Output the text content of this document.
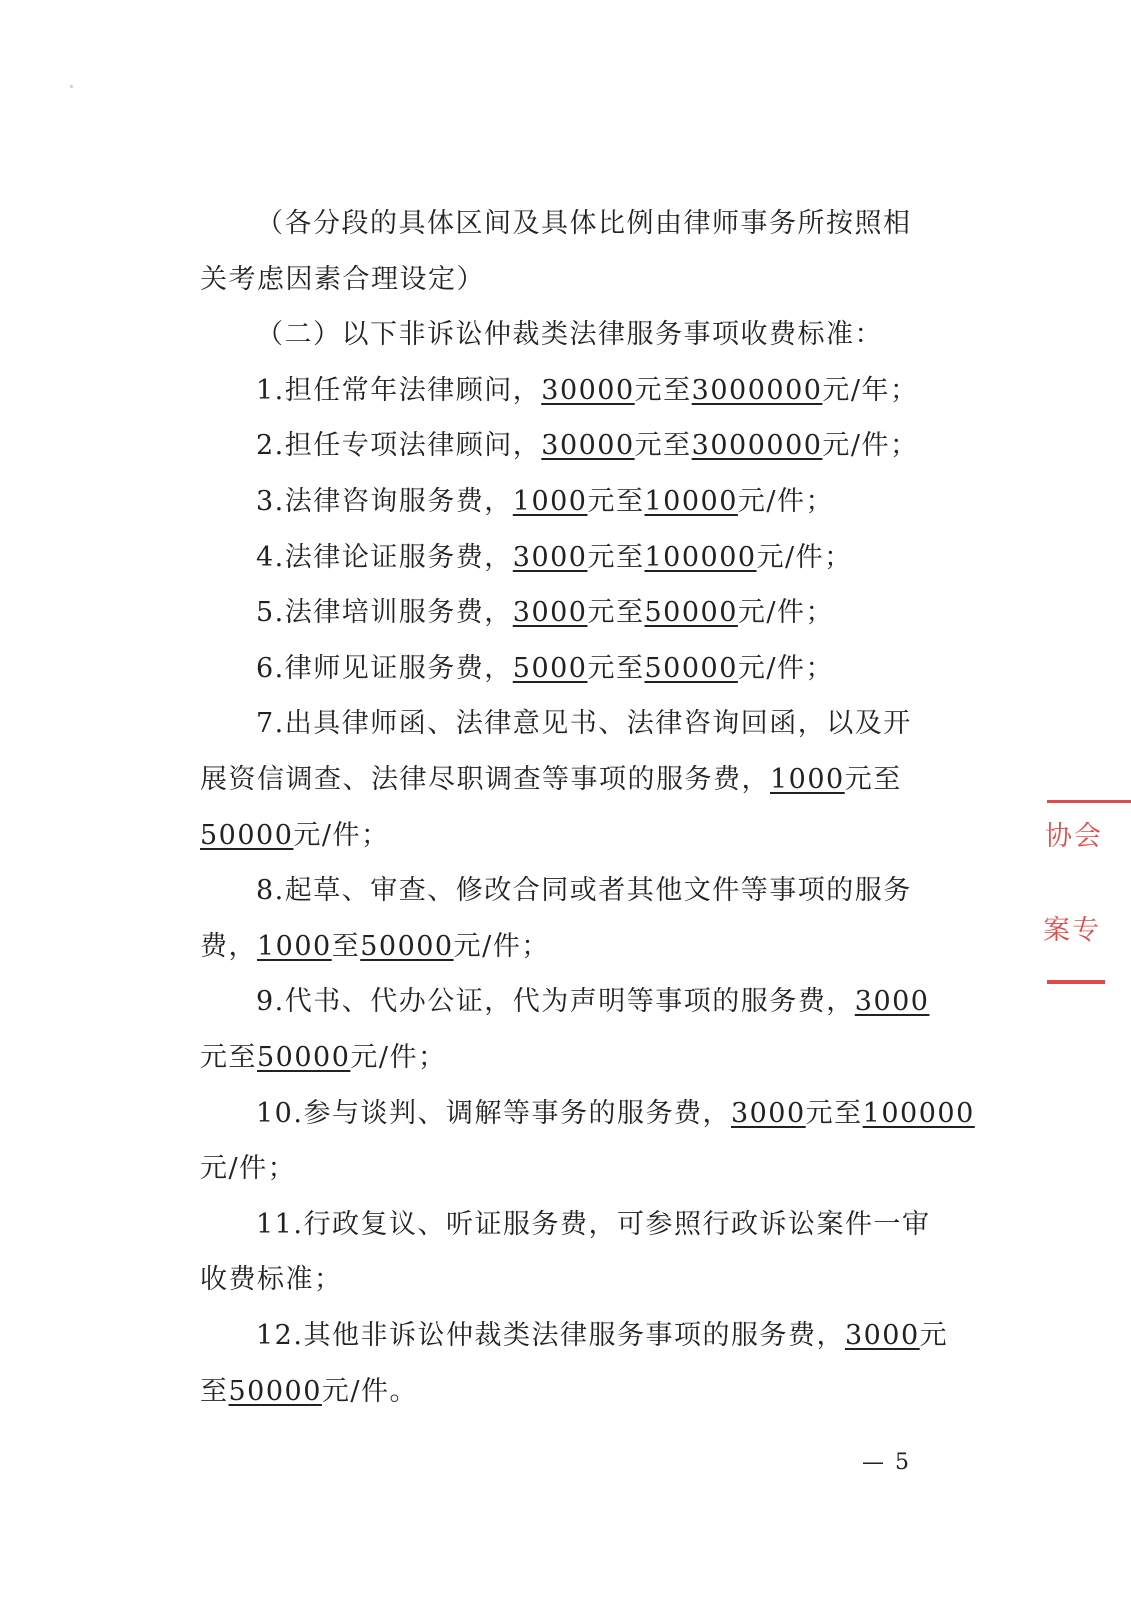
（各分段的具体区间及具体比例由律师事务所按照相
关考虑因素合理设定）
（二）以下非诉讼仲裁类法律服务事项收费标准：
1.担任常年法律顾问，30000元至3000000元/年；
2.担任专项法律顾问，30000元至3000000元/件；
3.法律咨询服务费，1000元至10000元/件；
4.法律论证服务费，3000元至100000元/件；
5.法律培训服务费，3000元至50000元/件；
6.律师见证服务费，5000元至50000元/件；
7.出具律师函、法律意见书、法律咨询回函，以及开
展资信调查、法律尽职调查等事项的服务费，1000元至
50000元/件；
8.起草、审查、修改合同或者其他文件等事项的服务
费，1000至50000元/件；
9.代书、代办公证，代为声明等事项的服务费，3000
元至50000元/件；
10.参与谈判、调解等事务的服务费，3000元至100000
元/件；
11.行政复议、听证服务费，可参照行政诉讼案件一审
收费标准；
12.其他非诉讼仲裁类法律服务事项的服务费，3000元
至50000元/件。
— 5
协会
案专
